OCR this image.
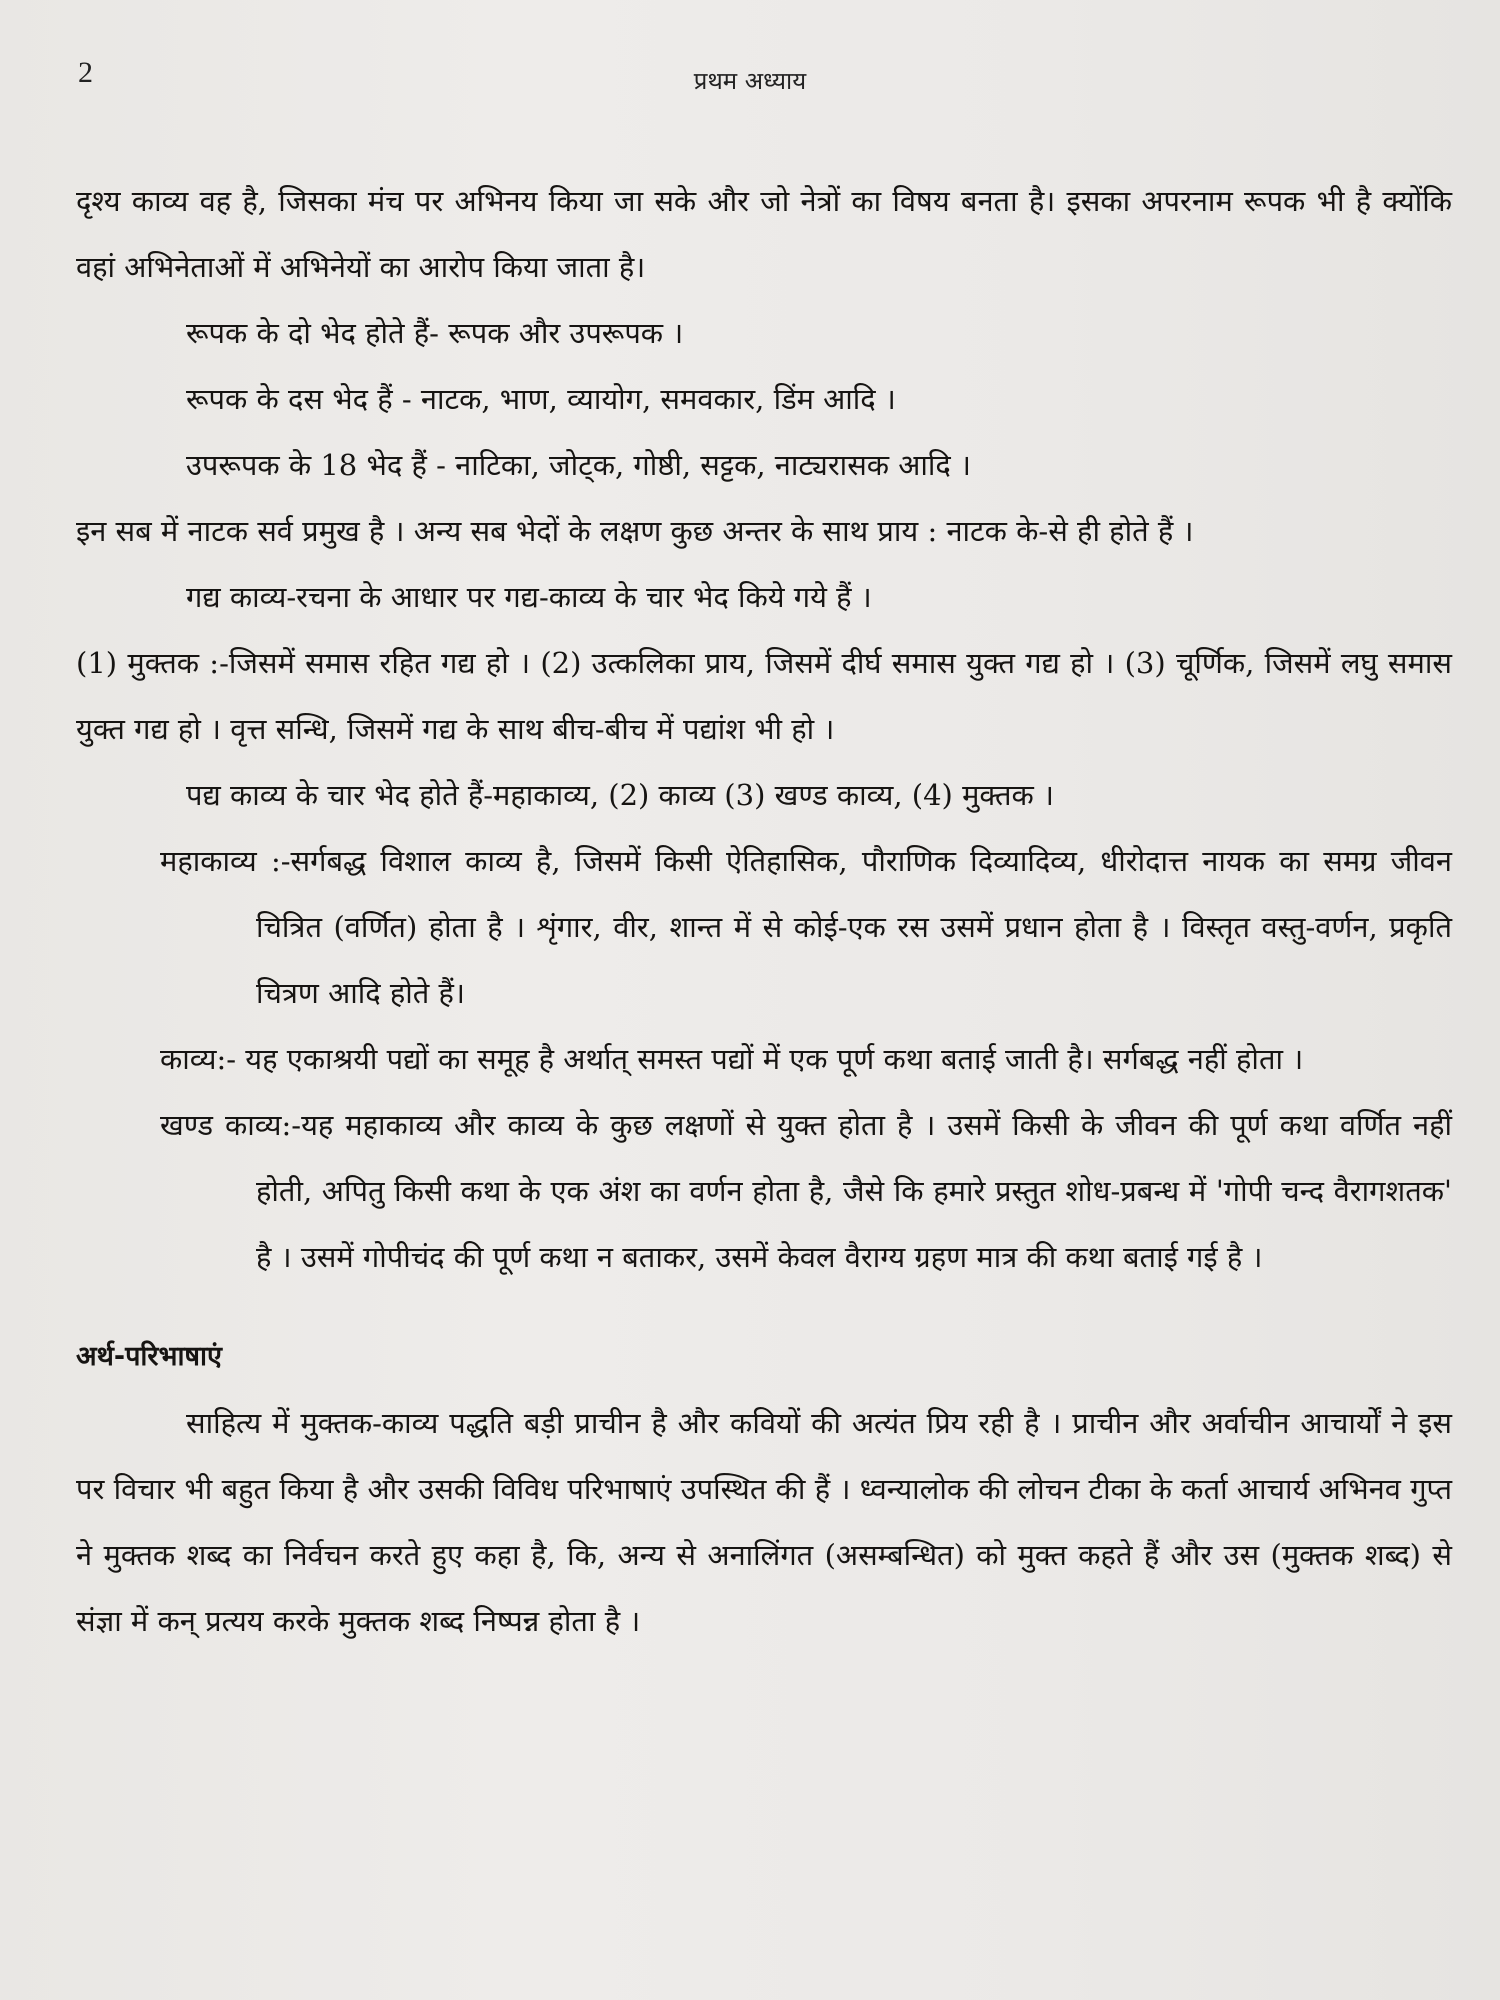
2	प्रथम अध्याय

दृश्य काव्य वह है, जिसका मंच पर अभिनय किया जा सके और जो नेत्रों का विषय बनता है। इसका अपरनाम रूपक भी है क्योंकि वहां अभिनेताओं में अभिनेयों का आरोप किया जाता है।

रूपक के दो भेद होते हैं- रूपक और उपरूपक ।

रूपक के दस भेद हैं - नाटक, भाण, व्यायोग, समवकार, डिंम आदि ।

उपरूपक के 18 भेद हैं - नाटिका, जोट्क, गोष्ठी, सट्टक, नाट्यरासक आदि ।

इन सब में नाटक सर्व प्रमुख है । अन्य सब भेदों के लक्षण कुछ अन्तर के साथ प्राय : नाटक के-से ही होते हैं ।

गद्य काव्य-रचना के आधार पर गद्य-काव्य के चार भेद किये गये हैं ।

(1) मुक्तक :-जिसमें समास रहित गद्य हो । (2) उत्कलिका प्राय, जिसमें दीर्घ समास युक्त गद्य हो । (3) चूर्णिक, जिसमें लघु समास युक्त गद्य हो । वृत्त सन्धि, जिसमें गद्य के साथ बीच-बीच में पद्यांश भी हो ।

पद्य काव्य के चार भेद होते हैं-महाकाव्य, (2) काव्य (3) खण्ड काव्य, (4) मुक्तक ।

महाकाव्य :-सर्गबद्ध विशाल काव्य है, जिसमें किसी ऐतिहासिक, पौराणिक दिव्यादिव्य, धीरोदात्त नायक का समग्र जीवन चित्रित (वर्णित) होता है । शृंगार, वीर, शान्त में से कोई-एक रस उसमें प्रधान होता है । विस्तृत वस्तु-वर्णन, प्रकृति चित्रण आदि होते हैं।

काव्य:- यह एकाश्रयी पद्यों का समूह है अर्थात् समस्त पद्यों में एक पूर्ण कथा बताई जाती है। सर्गबद्ध नहीं होता ।

खण्ड काव्य:-यह महाकाव्य और काव्य के कुछ लक्षणों से युक्त होता है । उसमें किसी के जीवन की पूर्ण कथा वर्णित नहीं होती, अपितु किसी कथा के एक अंश का वर्णन होता है, जैसे कि हमारे प्रस्तुत शोध-प्रबन्ध में 'गोपी चन्द वैरागशतक' है । उसमें गोपीचंद की पूर्ण कथा न बताकर, उसमें केवल वैराग्य ग्रहण मात्र की कथा बताई गई है ।

अर्थ-परिभाषाएं

साहित्य में मुक्तक-काव्य पद्धति बड़ी प्राचीन है और कवियों की अत्यंत प्रिय रही है । प्राचीन और अर्वाचीन आचार्यों ने इस पर विचार भी बहुत किया है और उसकी विविध परिभाषाएं उपस्थित की हैं । ध्वन्यालोक की लोचन टीका के कर्ता आचार्य अभिनव गुप्त ने मुक्तक शब्द का निर्वचन करते हुए कहा है, कि, अन्य से अनालिंगत (असम्बन्धित) को मुक्त कहते हैं और उस (मुक्तक शब्द) से संज्ञा में कन् प्रत्यय करके मुक्तक शब्द निष्पन्न होता है ।
